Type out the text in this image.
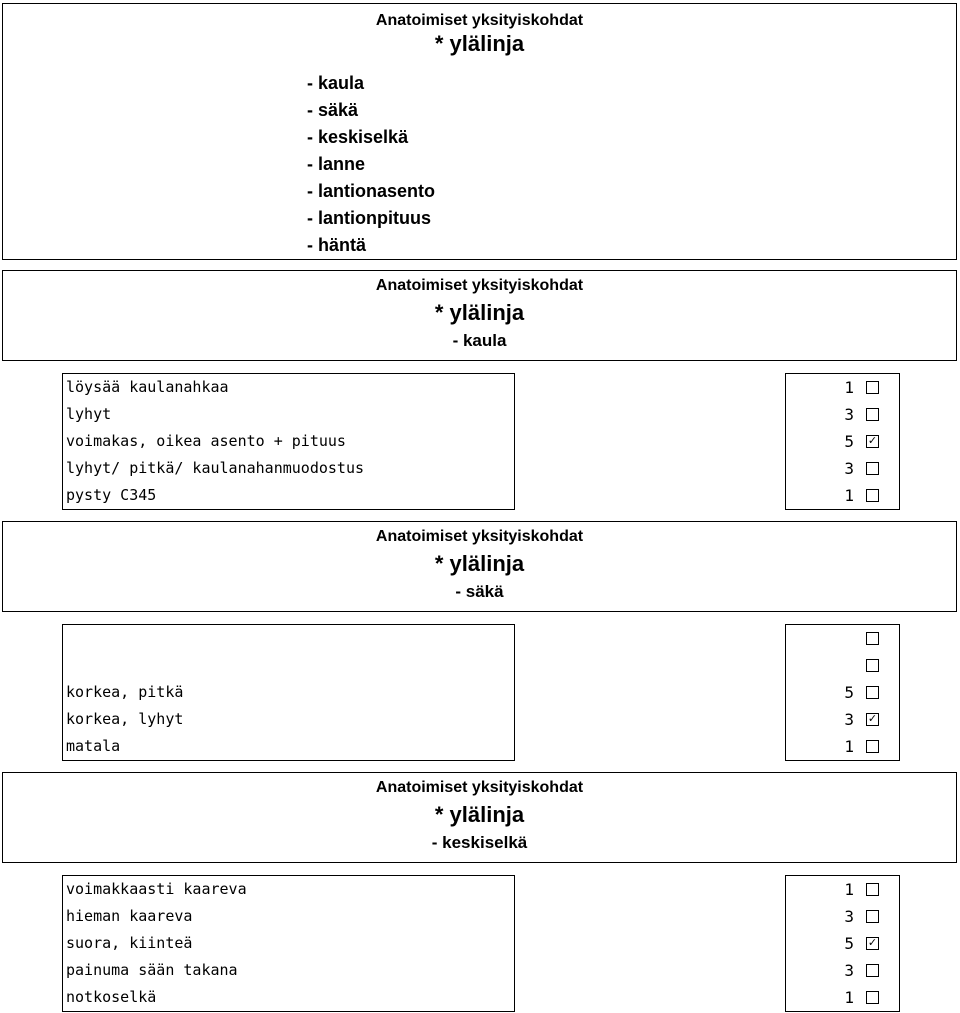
Anatoimiset yksityiskohdat
* ylälinja
- kaula
- säkä
- keskiselkä
- lanne
- lantionasento
- lantionpituus
- häntä
Anatoimiset yksityiskohdat
* ylälinja
- kaula
löysää kaulanahkaa
lyhyt
voimakas, oikea asento + pituus
lyhyt/ pitkä/ kaulanahanmuodostus
pysty C345
1
3
5 ✓
3
1
Anatoimiset yksityiskohdat
* ylälinja
- säkä
korkea, pitkä
korkea, lyhyt
matala
5
3 ✓
1
Anatoimiset yksityiskohdat
* ylälinja
- keskiselkä
voimakkaasti kaareva
hieman kaareva
suora, kiinteä
painuma sään takana
notkoselkä
1
3
5 ✓
3
1
